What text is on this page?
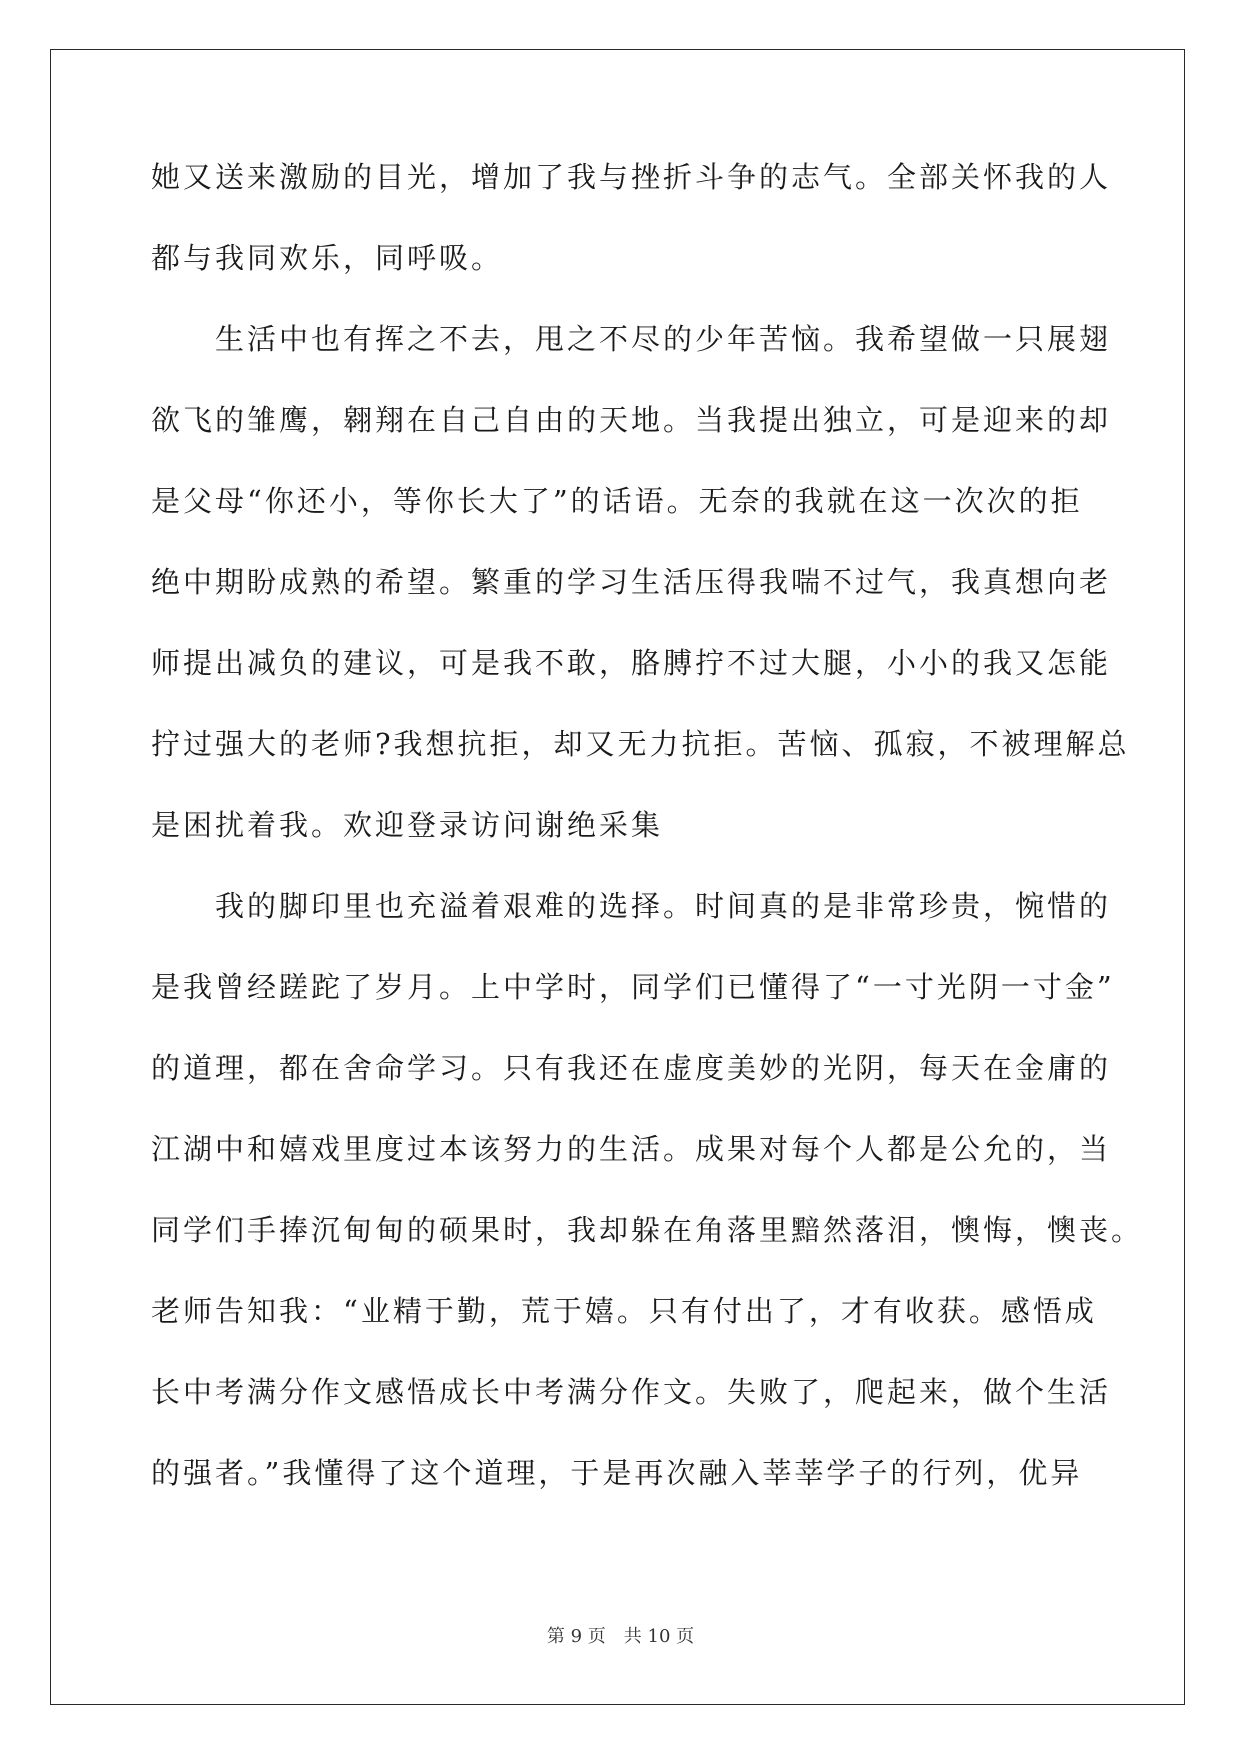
她又送来激励的目光，增加了我与挫折斗争的志气。全部关怀我的人
都与我同欢乐，同呼吸。
　　生活中也有挥之不去，甩之不尽的少年苦恼。我希望做一只展翅
欲飞的雏鹰，翱翔在自己自由的天地。当我提出独立，可是迎来的却
是父母“你还小，等你长大了”的话语。无奈的我就在这一次次的拒
绝中期盼成熟的希望。繁重的学习生活压得我喘不过气，我真想向老
师提出减负的建议，可是我不敢，胳膊拧不过大腿，小小的我又怎能
拧过强大的老师?我想抗拒，却又无力抗拒。苦恼、孤寂，不被理解总
是困扰着我。欢迎登录访问谢绝采集
　　我的脚印里也充溢着艰难的选择。时间真的是非常珍贵，惋惜的
是我曾经蹉跎了岁月。上中学时，同学们已懂得了“一寸光阴一寸金”
的道理，都在舍命学习。只有我还在虚度美妙的光阴，每天在金庸的
江湖中和嬉戏里度过本该努力的生活。成果对每个人都是公允的，当
同学们手捧沉甸甸的硕果时，我却躲在角落里黯然落泪，懊悔，懊丧。
老师告知我：“业精于勤，荒于嬉。只有付出了，才有收获。感悟成
长中考满分作文感悟成长中考满分作文。失败了，爬起来，做个生活
的强者。”我懂得了这个道理，于是再次融入莘莘学子的行列，优异
第 9 页　共 10 页
